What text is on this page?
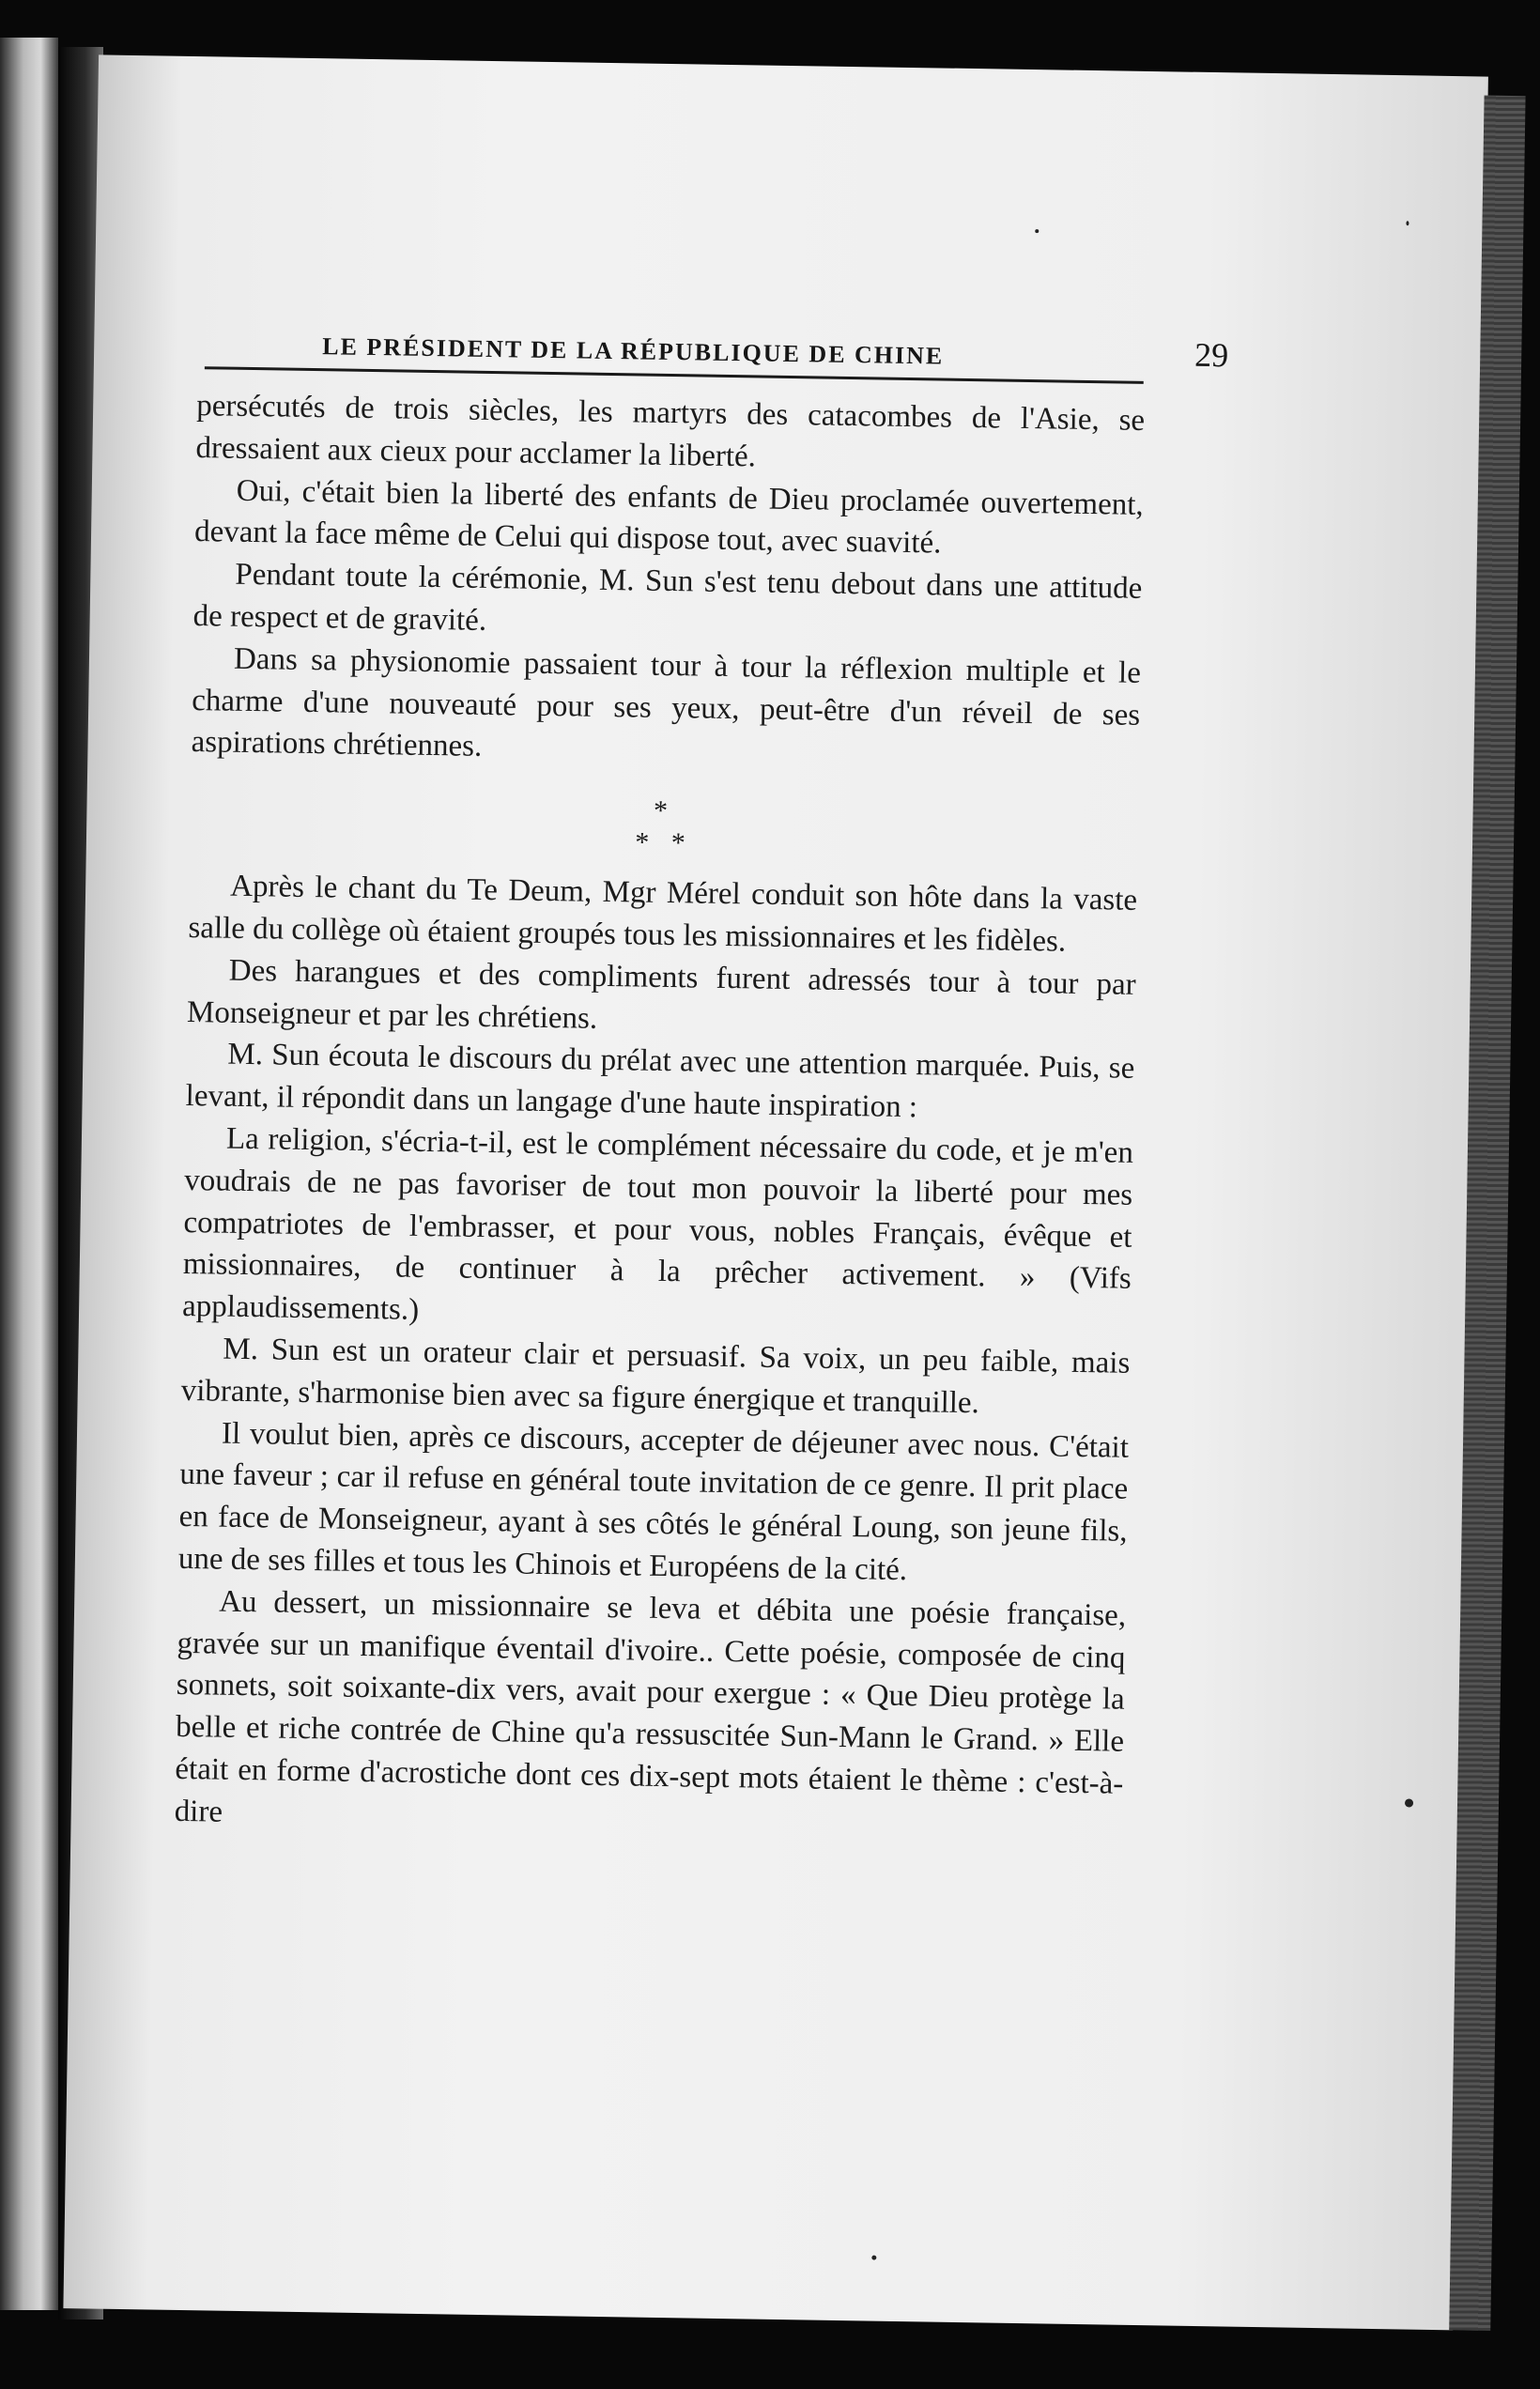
LE PRÉSIDENT DE LA RÉPUBLIQUE DE CHINE	29

persécutés de trois siècles, les martyrs des catacombes de l'Asie, se dressaient aux cieux pour acclamer la liberté.

Oui, c'était bien la liberté des enfants de Dieu proclamée ouvertement, devant la face même de Celui qui dispose tout, avec suavité.

Pendant toute la cérémonie, M. Sun s'est tenu debout dans une attitude de respect et de gravité.

Dans sa physionomie passaient tour à tour la réflexion multiple et le charme d'une nouveauté pour ses yeux, peut-être d'un réveil de ses aspirations chrétiennes.

*
* *

Après le chant du Te Deum, Mgr Mérel conduit son hôte dans la vaste salle du collège où étaient groupés tous les missionnaires et les fidèles.

Des harangues et des compliments furent adressés tour à tour par Monseigneur et par les chrétiens.

M. Sun écouta le discours du prélat avec une attention marquée. Puis, se levant, il répondit dans un langage d'une haute inspiration :

La religion, s'écria-t-il, est le complément nécessaire du code, et je m'en voudrais de ne pas favoriser de tout mon pouvoir la liberté pour mes compatriotes de l'embrasser, et pour vous, nobles Français, évêque et missionnaires, de continuer à la prêcher activement. » (Vifs applaudissements.)

M. Sun est un orateur clair et persuasif. Sa voix, un peu faible, mais vibrante, s'harmonise bien avec sa figure énergique et tranquille.

Il voulut bien, après ce discours, accepter de déjeuner avec nous. C'était une faveur ; car il refuse en général toute invitation de ce genre. Il prit place en face de Monseigneur, ayant à ses côtés le général Loung, son jeune fils, une de ses filles et tous les Chinois et Européens de la cité.

Au dessert, un missionnaire se leva et débita une poésie française, gravée sur un manifique éventail d'ivoire.. Cette poésie, composée de cinq sonnets, soit soixante-dix vers, avait pour exergue : « Que Dieu protège la belle et riche contrée de Chine qu'a ressuscitée Sun-Mann le Grand. » Elle était en forme d'acrostiche dont ces dix-sept mots étaient le thème : c'est-à-dire
